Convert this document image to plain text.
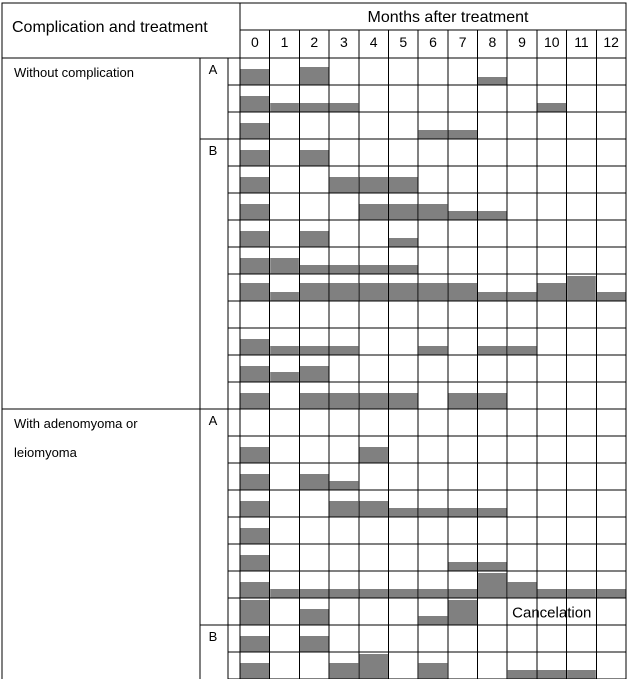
Complication and treatment
Months after treatment
0 1 2 3 4 5 6 7 8 9 10 11 12
Cancelation
A
B
A
B
Without complication
With adenomyoma or
leiomyoma
